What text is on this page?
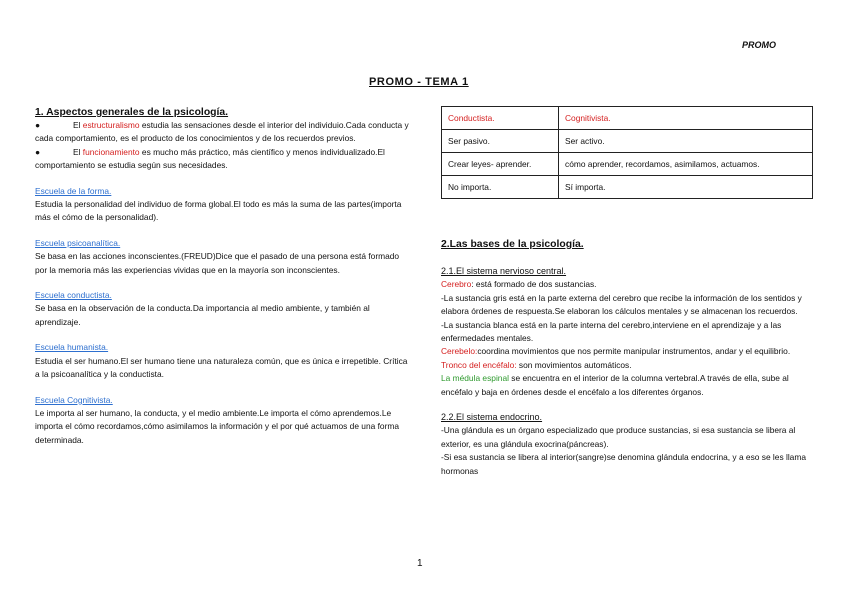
PROMO
PROMO - TEMA 1
1. Aspectos generales de la psicología.

●	El estructuralismo estudia las sensaciones desde el interior del individuio.Cada conducta y cada comportamiento, es el producto de los conocimientos y de los recuerdos previos.

●	El funcionamiento es mucho más práctico, más científico y menos individualizado.El comportamiento se estudia según sus necesidades.

Escuela de la forma.

Estudia la personalidad del individuo de forma global.El todo es más la suma de las partes(importa más el cómo de la personalidad).

Escuela psicoanalítica.

Se basa en las acciones inconscientes.(FREUD)Dice que el pasado de una persona está formado por la memoria más las experiencias vividas que en la mayoría son inconscientes.

Escuela conductista.

Se basa en la observación de la conducta.Da importancia al medio ambiente, y también al aprendizaje.

Escuela humanista.

Estudia el ser humano.El ser humano tiene una naturaleza común, que es única e irrepetible. Crítica a la psicoanalítica y la conductista.

Escuela Cognitivista.

Le importa al ser humano, la conducta, y el medio ambiente.Le importa el cómo aprendemos.Le importa el cómo recordamos,cómo asimilamos la información y el por qué actuamos de una forma determinada.

Conductista.	Cognitivista.
Ser pasivo.	Ser activo.
Crear leyes- aprender.	cómo aprender, recordamos, asimilamos, actuamos.
No importa.	Sí importa.
2.Las bases de la psicología.

2.1.El sistema nervioso central.

Cerebro: está formado de dos sustancias.

-La sustancia gris está en la parte externa del cerebro que recibe la información de los sentidos y elabora órdenes de respuesta.Se elaboran los cálculos mentales y se almacenan los recuerdos.

-La sustancia blanca está en la parte interna del cerebro,interviene en el aprendizaje y a las enfermedades mentales.

Cerebelo:coordina movimientos que nos permite manipular instrumentos, andar y el equilibrio.

Tronco del encéfalo: son movimientos automáticos.

La médula espinal se encuentra en el interior de la columna vertebral.A través de ella, sube al encéfalo y baja en órdenes desde el encéfalo a los diferentes órganos.

2.2.El sistema endocrino.

-Una glándula es un órgano especializado que produce sustancias, si esa sustancia se libera al exterior, es una glándula exocrina(páncreas).

-Si esa sustancia se libera al interior(sangre)se denomina glándula endocrina, y a eso se les llama hormonas

1
